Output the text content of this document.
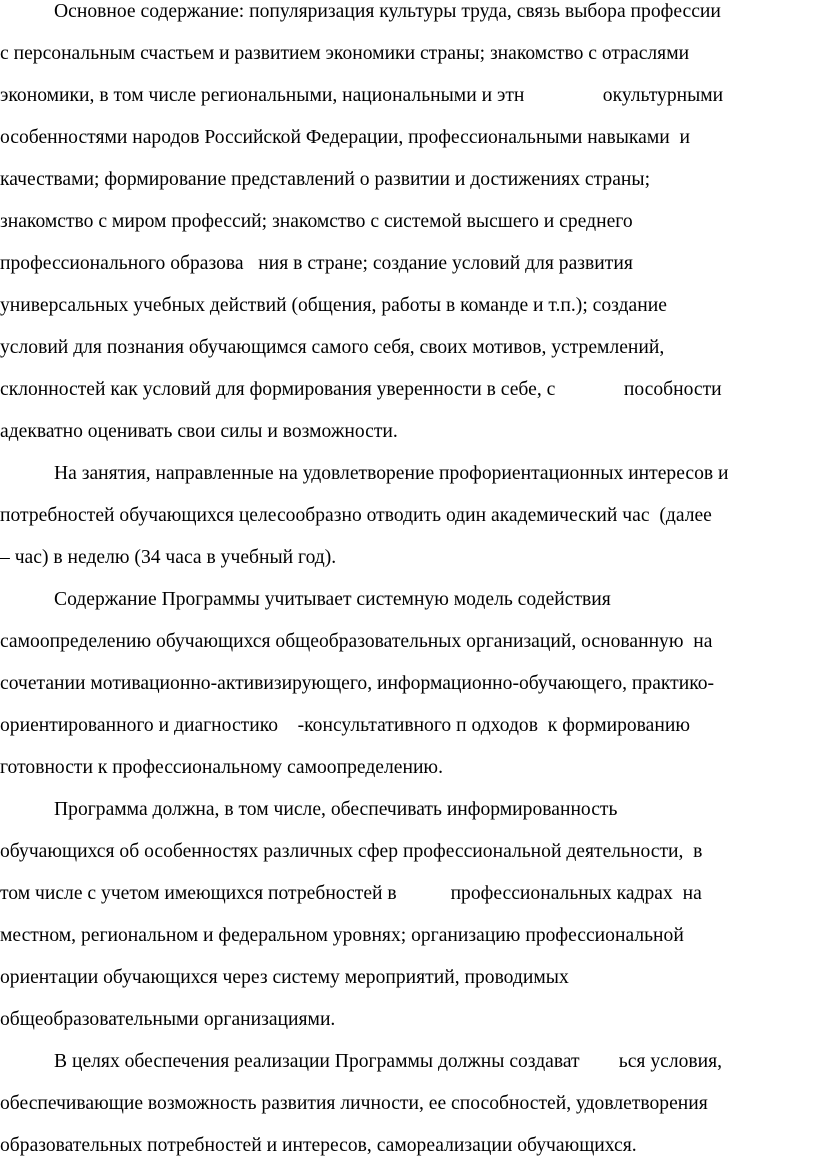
Основное содержание: популяризация культуры труда, связь выбора профессии
с персональным счастьем и развитием экономики страны; знакомство с отраслями
экономики, в том числе региональными, национальными и этн                окультурными
особенностями народов Российской Федерации, профессиональными навыками  и
качествами; формирование представлений о развитии и достижениях страны;
знакомство с миром профессий; знакомство с системой высшего и среднего
профессионального образова   ния в стране; создание условий для развития
универсальных учебных действий (общения, работы в команде и т.п.); создание
условий для познания обучающимся самого себя, своих мотивов, устремлений,
склонностей как условий для формирования уверенности в себе, с              пособности
адекватно оценивать свои силы и возможности.
На занятия, направленные на удовлетворение профориентационных интересов и
потребностей обучающихся целесообразно отводить один академический час  (далее
– час) в неделю (34 часа в учебный год).
Содержание Программы учитывает системную модель содействия
самоопределению обучающихся общеобразовательных организаций, основанную  на
сочетании мотивационно-активизирующего, информационно-обучающего, практико-
ориентированного и диагностико    -консультативного п одходов  к формированию
готовности к профессиональному самоопределению.
Программа должна, в том числе, обеспечивать информированность
обучающихся об особенностях различных сфер профессиональной деятельности,  в
том числе с учетом имеющихся потребностей в           профессиональных кадрах  на
местном, региональном и федеральном уровнях; организацию профессиональной
ориентации обучающихся через систему мероприятий, проводимых
общеобразовательными организациями.
В целях обеспечения реализации Программы должны создават        ься условия,
обеспечивающие возможность развития личности, ее способностей, удовлетворения
образовательных потребностей и интересов, самореализации обучающихся.
